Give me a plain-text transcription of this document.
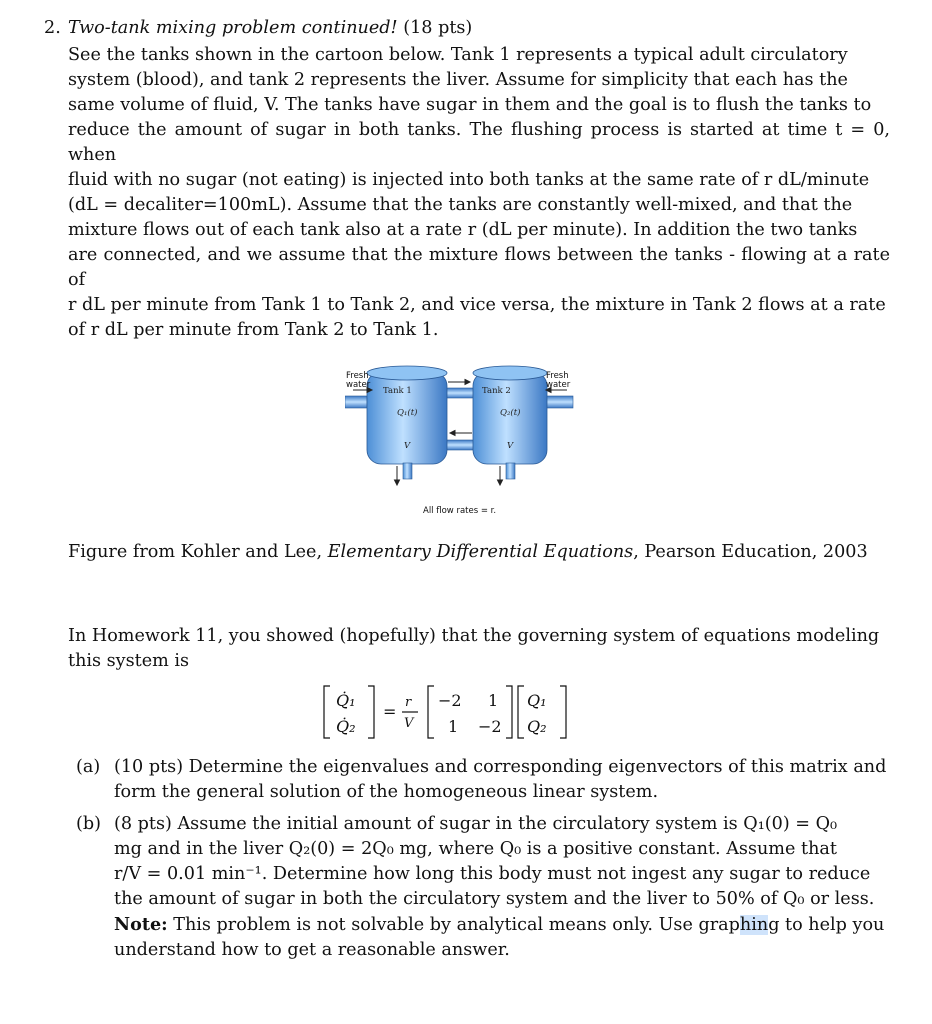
2. Two-tank mixing problem continued! (18 pts)
See the tanks shown in the cartoon below. Tank 1 represents a typical adult circulatory
system (blood), and tank 2 represents the liver. Assume for simplicity that each has the
same volume of fluid, V. The tanks have sugar in them and the goal is to flush the tanks to
reduce the amount of sugar in both tanks. The flushing process is started at time t = 0, when
fluid with no sugar (not eating) is injected into both tanks at the same rate of r dL/minute
(dL = decaliter=100mL). Assume that the tanks are constantly well-mixed, and that the
mixture flows out of each tank also at a rate r (dL per minute). In addition the two tanks
are connected, and we assume that the mixture flows between the tanks - flowing at a rate of
r dL per minute from Tank 1 to Tank 2, and vice versa, the mixture in Tank 2 flows at a rate
of r dL per minute from Tank 2 to Tank 1.
Fresh
water
Fresh
water
Tank 1	Tank 2
Q₁(t)	Q₂(t)
V	V
All flow rates = r.
Figure from Kohler and Lee, Elementary Differential Equations, Pearson Education, 2003
In Homework 11, you showed (hopefully) that the governing system of equations modeling
this system is
Q̇₁
Q̇₂
= r
V
−2 1
1 −2
Q₁
Q₂
(a) (10 pts) Determine the eigenvalues and corresponding eigenvectors of this matrix and
form the general solution of the homogeneous linear system.
(b) (8 pts) Assume the initial amount of sugar in the circulatory system is Q₁(0) = Q₀
mg and in the liver Q₂(0) = 2Q₀ mg, where Q₀ is a positive constant. Assume that
r/V = 0.01 min⁻¹. Determine how long this body must not ingest any sugar to reduce
the amount of sugar in both the circulatory system and the liver to 50% of Q₀ or less.
Note: This problem is not solvable by analytical means only. Use graphing to help you
understand how to get a reasonable answer.
